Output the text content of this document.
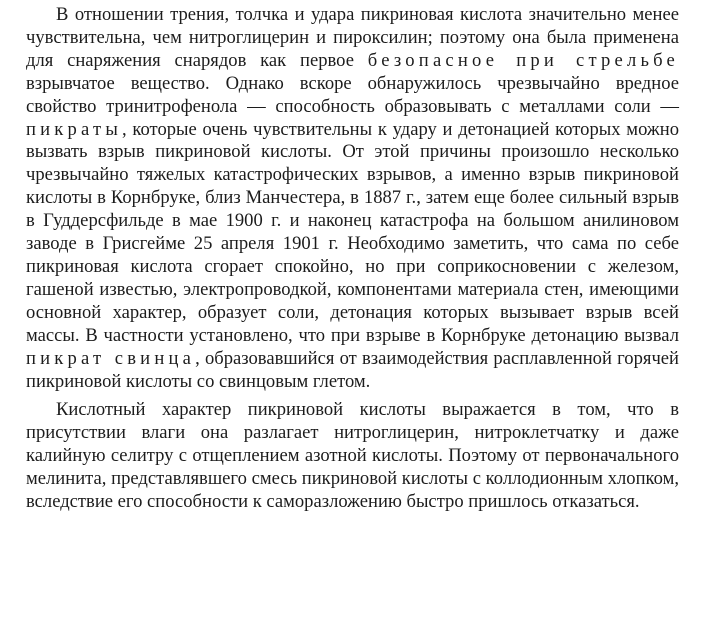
В отношении трения, толчка и удара пикриновая кислота значительно менее чувствительна, чем нитроглицерин и пироксилин; поэтому она была применена для снаряжения снарядов как первое безопасное при стрельбе взрывчатое вещество. Однако вскоре обнаружилось чрезвычайно вредное свойство тринитрофенола — способность образовывать с металлами соли — пикраты, которые очень чувствительны к удару и детонацией которых можно вызвать взрыв пикриновой кислоты. От этой причины произошло несколько чрезвычайно тяжелых катастрофических взрывов, а именно взрыв пикриновой кислоты в Корнбруке, близ Манчестера, в 1887 г., затем еще более сильный взрыв в Гуддерсфильде в мае 1900 г. и наконец катастрофа на большом анилиновом заводе в Грисгейме 25 апреля 1901 г. Необходимо заметить, что сама по себе пикриновая кислота сгорает спокойно, но при соприкосновении с железом, гашеной известью, электропроводкой, компонентами материала стен, имеющими основной характер, образует соли, детонация которых вызывает взрыв всей массы. В частности установлено, что при взрыве в Корнбруке детонацию вызвал пикрат свинца, образовавшийся от взаимодействия расплавленной горячей пикриновой кислоты со свинцовым глетом.

Кислотный характер пикриновой кислоты выражается в том, что в присутствии влаги она разлагает нитроглицерин, нитроклетчатку и даже калийную селитру с отщеплением азотной кислоты. Поэтому от первоначального мелинита, представлявшего смесь пикриновой кислоты с коллодионным хлопком, вследствие его способности к саморазложению быстро пришлось отказаться.
